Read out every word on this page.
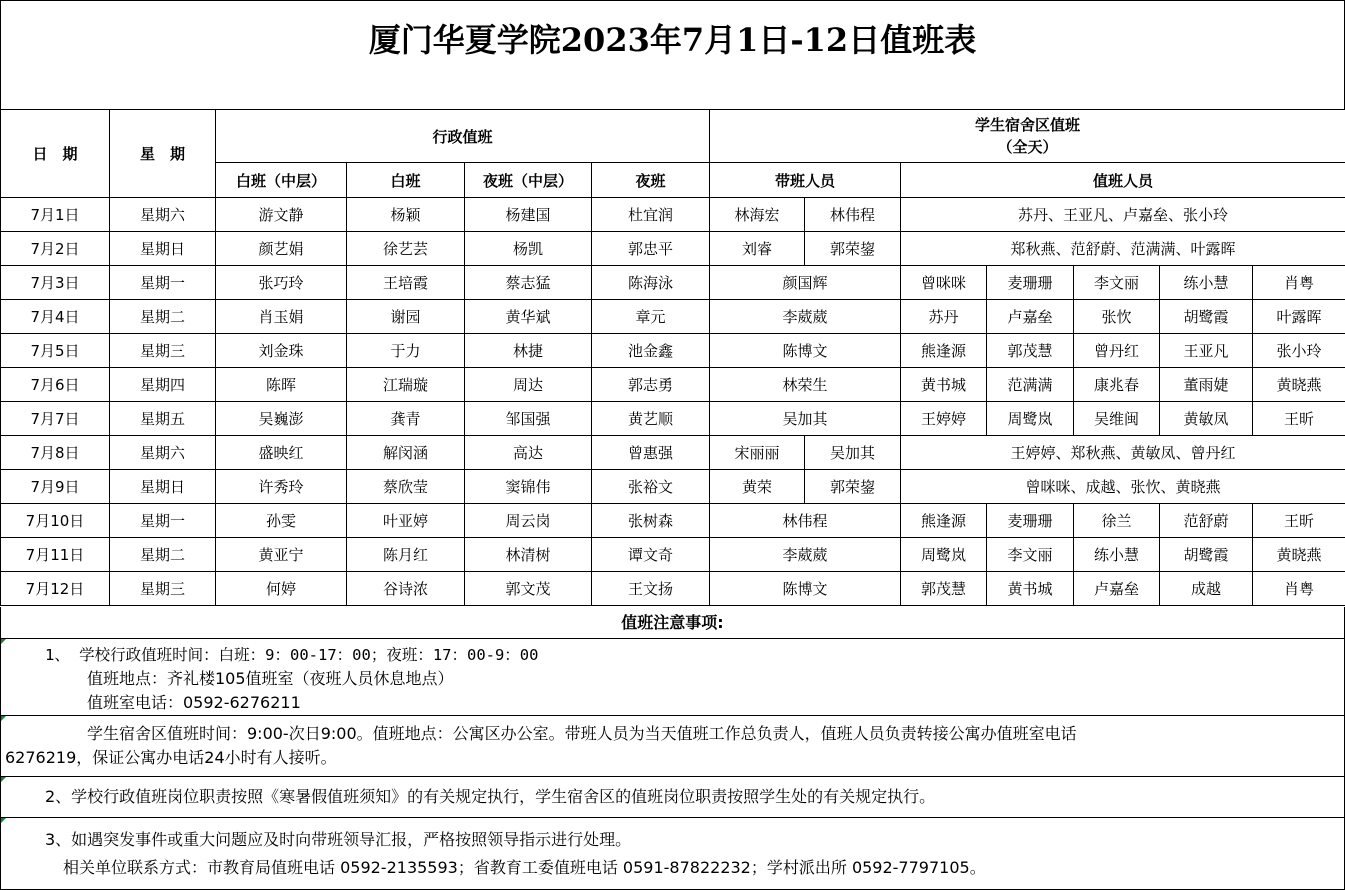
厦门华夏学院2023年7月1日-12日值班表
日　期	星　期	行政值班				学生宿舍区值班
（全天）						

		白班（中层）	白班	夜班（中层）	夜班	带班人员		值班人员				
7月1日	星期六	游文静	杨颖	杨建国	杜宜润	林海宏	林伟程	苏丹、王亚凡、卢嘉垒、张小玲				
7月2日	星期日	颜艺娟	徐艺芸	杨凯	郭忠平	刘睿	郭荣鋆	郑秋燕、范舒蔚、范满满、叶露晖				
7月3日	星期一	张巧玲	王培霞	蔡志猛	陈海泳	颜国辉		曾咪咪	麦珊珊	李文丽	练小慧	肖粤
7月4日	星期二	肖玉娟	谢园	黄华斌	章元	李葳葳		苏丹	卢嘉垒	张忺	胡鹭霞	叶露晖
7月5日	星期三	刘金珠	于力	林捷	池金鑫	陈博文		熊逢源	郭茂慧	曾丹红	王亚凡	张小玲
7月6日	星期四	陈晖	江瑞璇	周达	郭志勇	林荣生		黄书城	范满满	康兆春	董雨婕	黄晓燕
7月7日	星期五	吴巍澎	龚青	邹国强	黄艺顺	吴加其		王婷婷	周鹭岚	吴维闽	黄敏凤	王昕
7月8日	星期六	盛映红	解闵涵	高达	曾惠强	宋丽丽	吴加其	王婷婷、郑秋燕、黄敏凤、曾丹红				
7月9日	星期日	许秀玲	蔡欣莹	窦锦伟	张裕文	黄荣	郭荣鋆	曾咪咪、成越、张忺、黄晓燕				
7月10日	星期一	孙雯	叶亚婷	周云岗	张树森	林伟程		熊逢源	麦珊珊	徐兰	范舒蔚	王昕
7月11日	星期二	黄亚宁	陈月红	林清树	谭文奇	李葳葳		周鹭岚	李文丽	练小慧	胡鹭霞	黄晓燕
7月12日	星期三	何婷	谷诗浓	郭文茂	王文扬	陈博文		郭茂慧	黄书城	卢嘉垒	成越	肖粤
值班注意事项:
1、 学校行政值班时间：白班：9：00-17：00；夜班：17：00-9：00
值班地点：齐礼楼105值班室（夜班人员休息地点）
值班室电话：0592-6276211
学生宿舍区值班时间：9:00-次日9:00。值班地点：公寓区办公室。带班人员为当天值班工作总负责人，值班人员负责转接公寓办值班室电话
6276219，保证公寓办电话24小时有人接听。
2、学校行政值班岗位职责按照《寒暑假值班须知》的有关规定执行，学生宿舍区的值班岗位职责按照学生处的有关规定执行。
3、如遇突发事件或重大问题应及时向带班领导汇报，严格按照领导指示进行处理。
相关单位联系方式：市教育局值班电话 0592-2135593；省教育工委值班电话 0591-87822232；学村派出所 0592-7797105。
